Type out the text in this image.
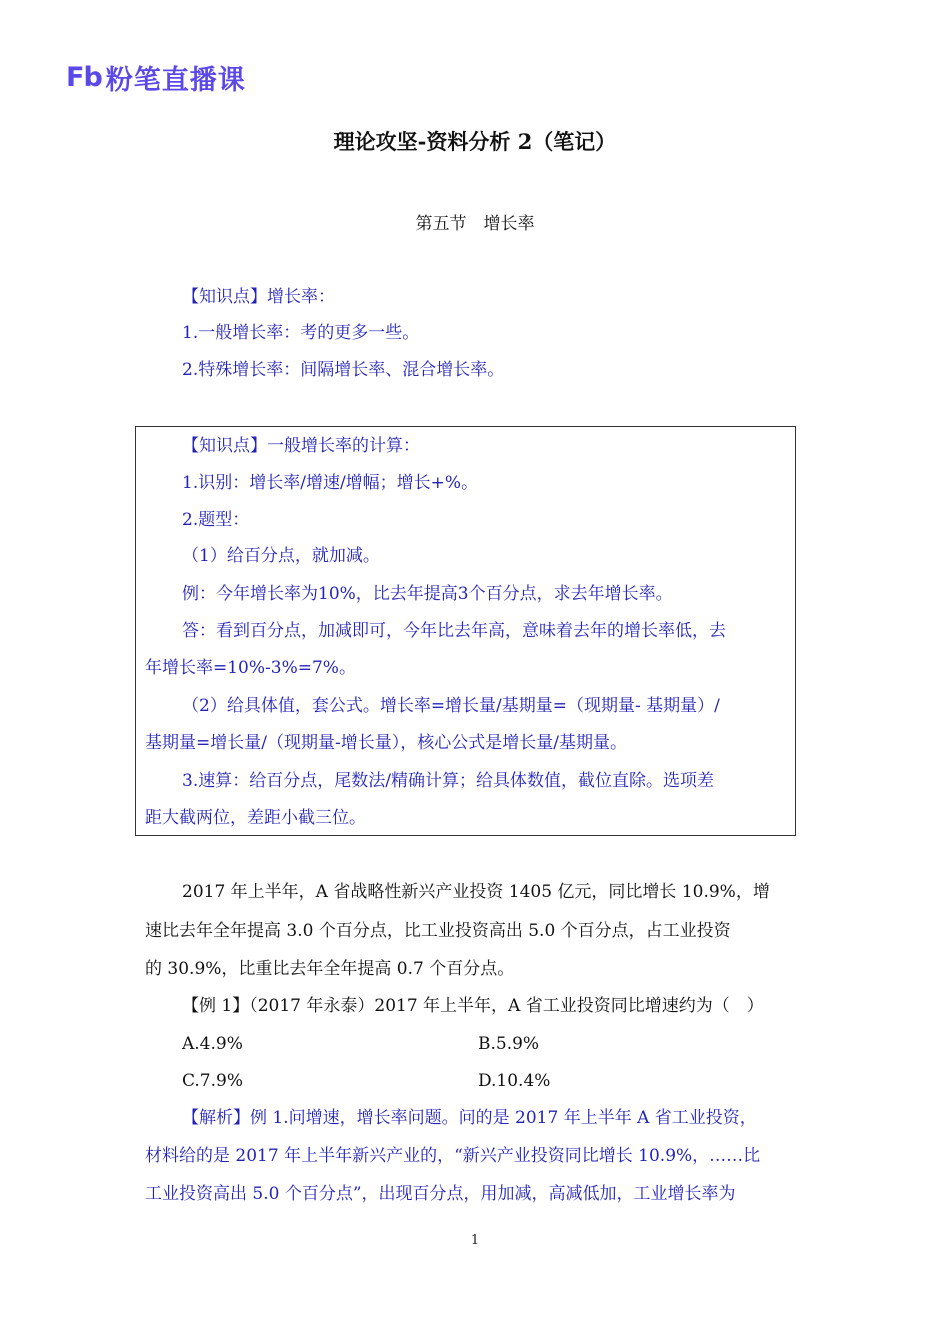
Fb 粉笔直播课
理论攻坚-资料分析 2（笔记）
第五节　增长率
【知识点】增长率：
1.一般增长率：考的更多一些。
2.特殊增长率：间隔增长率、混合增长率。
【知识点】一般增长率的计算：
1.识别：增长率/增速/增幅；增长+%。
2.题型：
（1）给百分点，就加减。
例：今年增长率为10%，比去年提高3个百分点，求去年增长率。
答：看到百分点，加减即可，今年比去年高，意味着去年的增长率低，去
年增长率=10%-3%=7%。
（2）给具体值，套公式。增长率=增长量/基期量=（现期量- 基期量）/
基期量=增长量/（现期量-增长量），核心公式是增长量/基期量。
3.速算：给百分点，尾数法/精确计算；给具体数值，截位直除。选项差
距大截两位，差距小截三位。
2017 年上半年，A 省战略性新兴产业投资 1405 亿元，同比增长 10.9%，增
速比去年全年提高 3.0 个百分点，比工业投资高出 5.0 个百分点，占工业投资
的 30.9%，比重比去年全年提高 0.7 个百分点。
【例 1】（2017 年永泰）2017 年上半年，A 省工业投资同比增速约为（　）
A.4.9%	B.5.9%
C.7.9%	D.10.4%
【解析】例 1.问增速，增长率问题。问的是 2017 年上半年 A 省工业投资，
材料给的是 2017 年上半年新兴产业的，“新兴产业投资同比增长 10.9%，……比
工业投资高出 5.0 个百分点”，出现百分点，用加减，高减低加，工业增长率为
1
